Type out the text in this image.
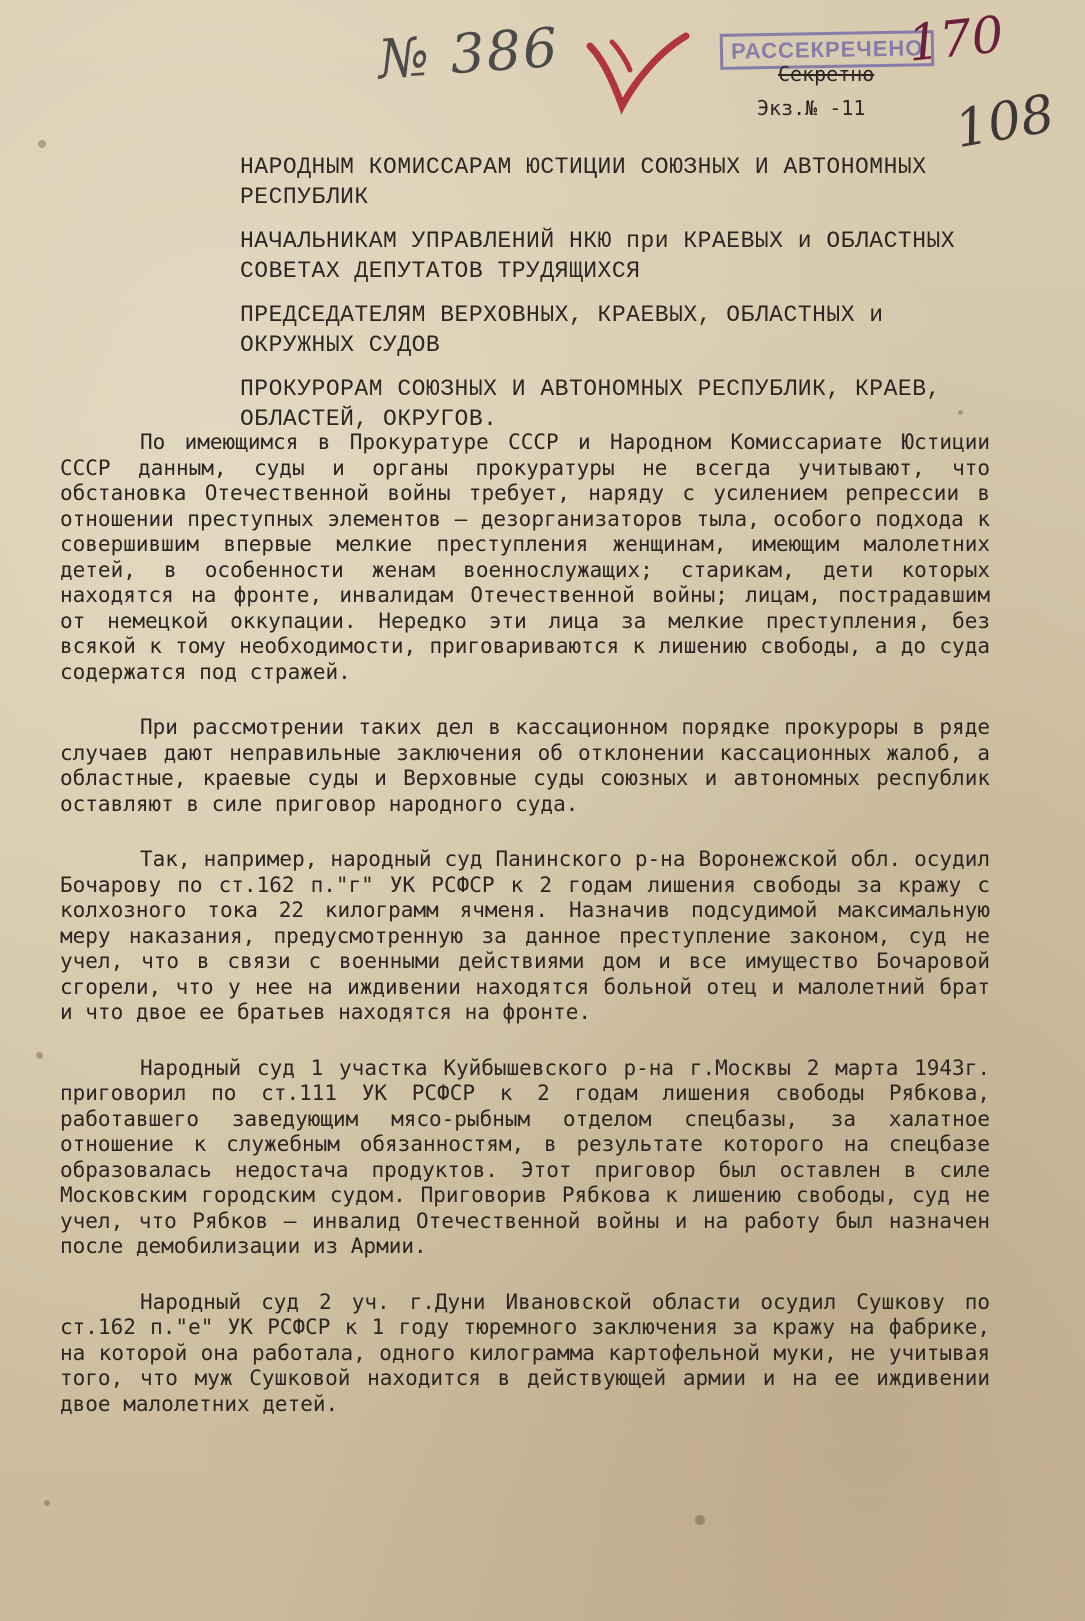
№ 386	РАССЕКРЕЧЕНО
170
Секретно
Экз.№ -11 108
НАРОДНЫМ КОМИССАРАМ ЮСТИЦИИ СОЮЗНЫХ И АВТОНОМНЫХ РЕСПУБЛИК
НАЧАЛЬНИКАМ УПРАВЛЕНИЙ НКЮ при КРАЕВЫХ и ОБЛАСТНЫХ СОВЕТАХ ДЕПУТАТОВ ТРУДЯЩИХСЯ
ПРЕДСЕДАТЕЛЯМ ВЕРХОВНЫХ, КРАЕВЫХ, ОБЛАСТНЫХ и ОКРУЖНЫХ СУДОВ
ПРОКУРОРАМ СОЮЗНЫХ И АВТОНОМНЫХ РЕСПУБЛИК, КРАЕВ, ОБЛАСТЕЙ, ОКРУГОВ.

По имеющимся в Прокуратуре СССР и Народном Комиссариате Юстиции СССР данным, суды и органы прокуратуры не всегда учитывают, что обстановка Отечественной войны требует, наряду с усилением репрессии в отношении преступных элементов – дезорганизаторов тыла, особого подхода к совершившим впервые мелкие преступления женщинам, имеющим малолетних детей, в особенности женам военнослужащих; старикам, дети которых находятся на фронте, инвалидам Отечественной войны; лицам, пострадавшим от немецкой оккупации. Нередко эти лица за мелкие преступления, без всякой к тому необходимости, приговариваются к лишению свободы, а до суда содержатся под стражей.

При рассмотрении таких дел в кассационном порядке прокуроры в ряде случаев дают неправильные заключения об отклонении кассационных жалоб, а областные, краевые суды и Верховные суды союзных и автономных республик оставляют в силе приговор народного суда.

Так, например, народный суд Панинского р-на Воронежской обл. осудил Бочарову по ст.162 п."г" УК РСФСР к 2 годам лишения свободы за кражу с колхозного тока 22 килограмм ячменя. Назначив подсудимой максимальную меру наказания, предусмотренную за данное преступление законом, суд не учел, что в связи с военными действиями дом и все имущество Бочаровой сгорели, что у нее на иждивении находятся больной отец и малолетний брат и что двое ее братьев находятся на фронте.

Народный суд 1 участка Куйбышевского р-на г.Москвы 2 марта 1943г. приговорил по ст.111 УК РСФСР к 2 годам лишения свободы Рябкова, работавшего заведующим мясо-рыбным отделом спецбазы, за халатное отношение к служебным обязанностям, в результате которого на спецбазе образовалась недостача продуктов. Этот приговор был оставлен в силе Московским городским судом. Приговорив Рябкова к лишению свободы, суд не учел, что Рябков – инвалид Отечественной войны и на работу был назначен после демобилизации из Армии.

Народный суд 2 уч. г.Дуни Ивановской области осудил Сушкову по ст.162 п."е" УК РСФСР к 1 году тюремного заключения за кражу на фабрике, на которой она работала, одного килограмма картофельной муки, не учитывая того, что муж Сушковой находится в действующей армии и на ее иждивении двое малолетних детей.
